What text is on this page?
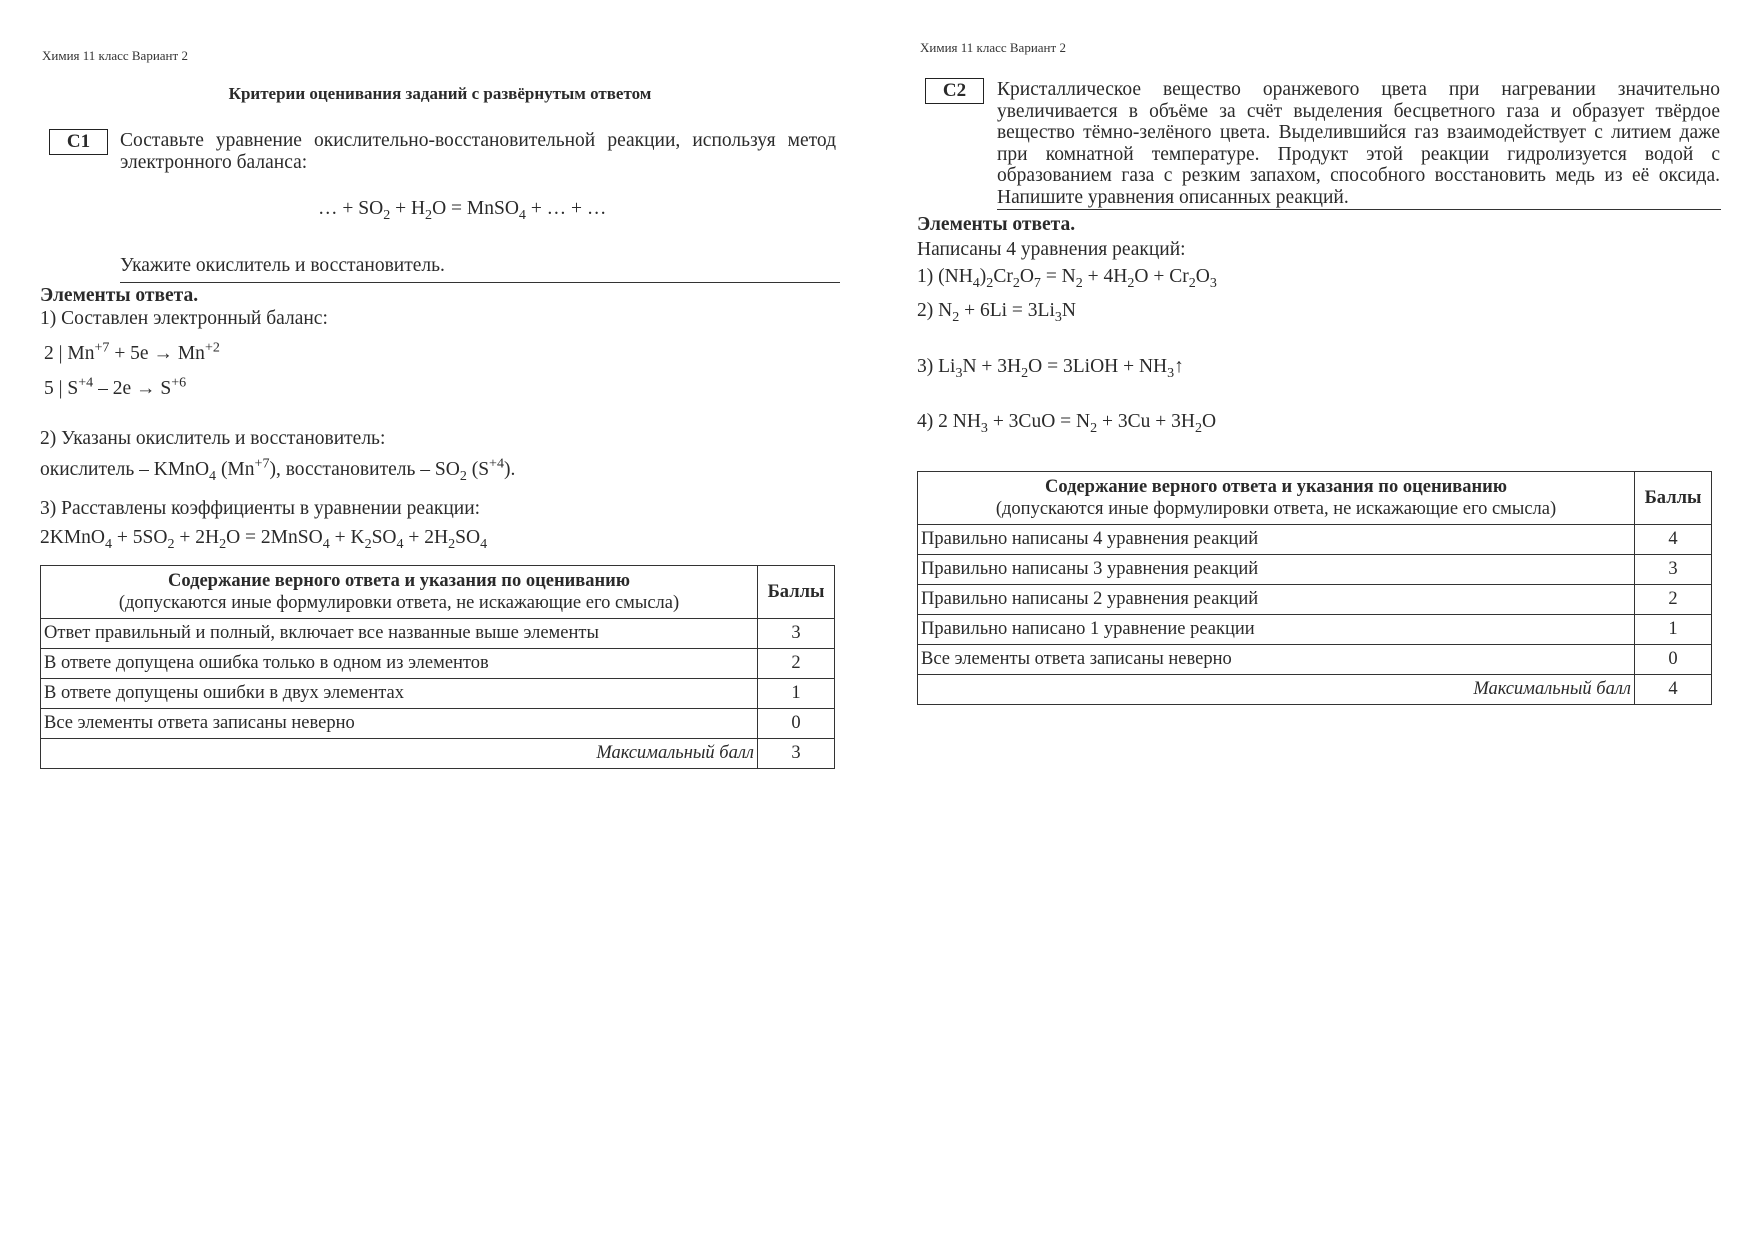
Химия 11 класс Вариант 2
Критерии оценивания заданий с развёрнутым ответом
C1	Составьте уравнение окислительно-восстановительной реакции, используя метод электронного баланса:
… + $SO_2 + H_2O$ = MnSO$_4$ + … + …
Укажите окислитель и восстановитель.
Элементы ответа.
1) Составлен электронный баланс:
2 | $Mn^{+7} + 5e \to Mn^{+2}$
5 | $S^{+4} - 2e \to S^{+6}$
2) Указаны окислитель и восстановитель:
окислитель – KMnO$_4$ $(Mn^{+7})$, восстановитель – $SO_2$ $(S^{+4})$.
3) Расставлены коэффициенты в уравнении реакции:
2KMnO$_4$ + $5SO_2 + 2H_2O$ = 2MnSO$_4$ + $K_2SO_4 + 2H_2SO_4$
Содержание верного ответа и указания по оцениванию
(допускаются иные формулировки ответа, не искажающие его смысла)	Баллы
Ответ правильный и полный, включает все названные выше элементы	3
В ответе допущена ошибка только в одном из элементов	2
В ответе допущены ошибки в двух элементах	1
Все элементы ответа записаны неверно	0
Максимальный балл	3
Химия 11 класс Вариант 2
C2	Кристаллическое вещество оранжевого цвета при нагревании значительно увеличивается в объёме за счёт выделения бесцветного газа и образует твёрдое вещество тёмно-зелёного цвета. Выделившийся газ взаимодействует с литием даже при комнатной температуре. Продукт этой реакции гидролизуется водой с образованием газа с резким запахом, способного восстановить медь из её оксида. Напишите уравнения описанных реакций.
Элементы ответа.
Написаны 4 уравнения реакций:
1) $(NH_4)_2Cr_2O_7 = N_2 + 4H_2O + Cr_2O_3$
2) $N_2 + 6Li = 3Li_3N$
3) $Li_3N + 3H_2O$ = 3LiOH + $NH_3↑$
4) 2 $NH_3 + 3CuO = N_2 + 3Cu + 3H_2O$
Содержание верного ответа и указания по оцениванию
(допускаются иные формулировки ответа, не искажающие его смысла)	Баллы
Правильно написаны 4 уравнения реакций	4
Правильно написаны 3 уравнения реакций	3
Правильно написаны 2 уравнения реакций	2
Правильно написано 1 уравнение реакции	1
Все элементы ответа записаны неверно	0
Максимальный балл	4
